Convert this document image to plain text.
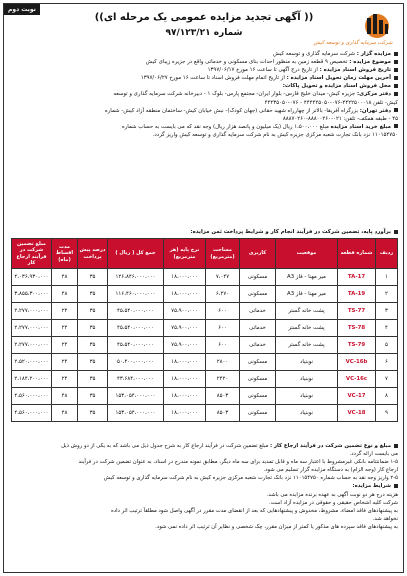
نوبت دوم
شرکت سرمایه گذاری و توسعه کیش
(( آگهی تجدید مزایده عمومی یک مرحله ای))
شماره ۹۷/۱۲۳/۲۱
مزایده گزار : شرکت سرمایه گذاری و توسعه کیش
موضوع مزایده : تخصیص ۹ قطعه زمین به منظور احداث بنای مسکونی و خدماتی واقع در جزیره زیبای کیش
تاریخ فروش اسناد مزایده : از تاریخ درج آگهی تا ساعت ۱۶ مورخ ۱۳۹۷/۰۶/۱۷
آخرین مهلت زمان تحویل اسناد مزایده : از تاریخ اتمام مهلت فروش اسناد تا ساعت ۱۶ مورخ ۱۳۹۷/۰۶/۲۷
محل فروش اسناد مزایده و تحویل پاکات:
دفتر مرکزی: جزیره کیش- میدان خلیج فارس- بلوار ایران- مجتمع پارس- بلوک ۱ - دبیرخانه شرکت سرمایه گذاری و توسعه
کیش- تلفن ۴۴۲۲۵۰۰۰۱۸-۰۷۶-۴۴۴۴۲۵۰۵۰ - ۰۷۶-۴۴۴۳۵۰۵۰
دفتر تهران: بزرگراه آفریقا- بالاتر از چهارراه شهید حقانی (جهان کودک)- نبش خیابان کیش- ساختمان منطقه آزاد کیش- شماره
۴۵ - طبقه همکف- تلفن: ۰۲۱-۸۸۸۰۰۲۶۰-۸۸۸۷۰۲۶۰
مبلغ خرید اسناد مزایده مبلغ ۱،۵۰۰،۰۰۰ ریال (یک میلیون و پانصد هزار ریال) وجه نقد که می بایست به حساب شماره
۱۱۰۱۵۴۷۵۰ نزد بانک تجارت شعبه مرکزی جزیره کیش به نام شرکت سرمایه گذاری و توسعه کیش واریز گردد.
برآورد پایه، تضمین شرکت در فرآیند انجام کار و شرایط پرداخت ثمن مزایده:
ردیف	شماره قطعه	موقعیت	کاربری	مساحت (مترمربع)	نرخ پایه (هر مترمربع)	جمع کل ( ریال )	درصد پیش پرداخت	مدت اقساط (ماه)	مبلغ تضمین شرکت در فرآیند ارجاع کار
۱	TA-17	میر مهنا - فاز A3	مسکونی	۷،۰۴۷	۱۸،۰۰۰،۰۰۰	۱۲۶،۸۴۶،۰۰۰،۰۰۰	۳۵	۴۸	۴،۰۳۶،۹۳۰،۰۰۰
۲	TA-19	میر مهنا - فاز A3	مسکونی	۶،۴۷۰	۱۸،۰۰۰،۰۰۰	۱۱۶،۴۶۰،۰۰۰،۰۰۰	۳۵	۴۸	۳،۸۵۵،۳۰۰،۰۰۰
۳	TS-77	پشت خانه گستر	خدماتی	۶۰۰	۷۵،۹۰۰،۰۰۰	۴۵،۵۴۰،۰۰۰،۰۰۰	۳۵	۲۴	۲،۲۷۷،۰۰۰،۰۰۰
۴	TS-78	پشت خانه گستر	خدماتی	۶۰۰	۷۵،۹۰۰،۰۰۰	۴۵،۵۴۰،۰۰۰،۰۰۰	۳۵	۲۴	۲،۲۷۷،۰۰۰،۰۰۰
۵	TS-79	پشت خانه گستر	خدماتی	۶۰۰	۷۵،۹۰۰،۰۰۰	۴۵،۵۴۰،۰۰۰،۰۰۰	۳۵	۲۴	۲،۲۷۷،۰۰۰،۰۰۰
۶	VC-16b	نوبنیاد	مسکونی	۲۸۰۰	۱۸،۰۰۰،۰۰۰	۵۰،۴۰۰،۰۰۰،۰۰۰	۳۵	۲۴	۲،۵۲۰،۰۰۰،۰۰۰
۷	VC-16c	نوبنیاد	مسکونی	۲۴۲۰	۱۸،۰۰۰،۰۰۰	۴۳،۶۸۴،۰۰۰،۰۰۰	۳۵	۲۴	۲،۱۸۴،۲۰۰،۰۰۰
۸	VC-17	نوبنیاد	مسکونی	۸۵۰۳	۱۸،۰۰۰،۰۰۰	۱۵۳،۰۵۴،۰۰۰،۰۰۰	۳۵	۴۸	۴،۵۶۰،۰۰۰،۰۰۰
۹	VC-18	نوبنیاد	مسکونی	۸۵۰۳	۱۸،۰۰۰،۰۰۰	۱۵۳،۰۵۴،۰۰۰،۰۰۰	۳۵	۴۸	۴،۵۶۰،۰۰۰،۰۰۰
مبلغ و نوع تضمین شرکت در فرآیند ارجاع کار : مبلغ تضمین شرکت در فرآیند ارجاع کار به شرح جدول ذیل می باشد که به یکی از دو روش ذیل
می بایست ارائه گردد.
۱-۵ ضمانتنامه بانکی غیرمشروط با اعتبار سه ماه و قابل تمدید برای سه ماه دیگر، مطابق نمونه مندرج در اسناد، به عنوان تضمین شرکت در فرآیند
ارجاع کار (وجه الزام) به دستگاه مزایده گزار تسلیم می شود.
۲-۵ واریز وجه نقد به حساب شماره ۱۱۰۱۵۴۷۵۰ نزد بانک تجارت شعبه مرکزی جزیره کیش به نام شرکت سرمایه گذاری و توسعه کیش
شرایط مزایده:
هزینه درج هر دو نوبت آگهی به عهده برنده مزایده می باشد.
شرکت کلیه اشخاص حقیقی و حقوقی در مزایده آزاد است.
به پیشنهادهای فاقد امضاء، مشروط، مخدوش و پیشنهادهایی که بعد از انقضای مدت مقرر در آگهی واصل شود مطلقاً ترتیب اثر داده
نخواهد شد.
به پیشنهادهای فاقد سپرده های مذکور یا کمتر از میزان مقرر، چک شخصی و نظایر آن ترتیب اثر داده نمی شود.
